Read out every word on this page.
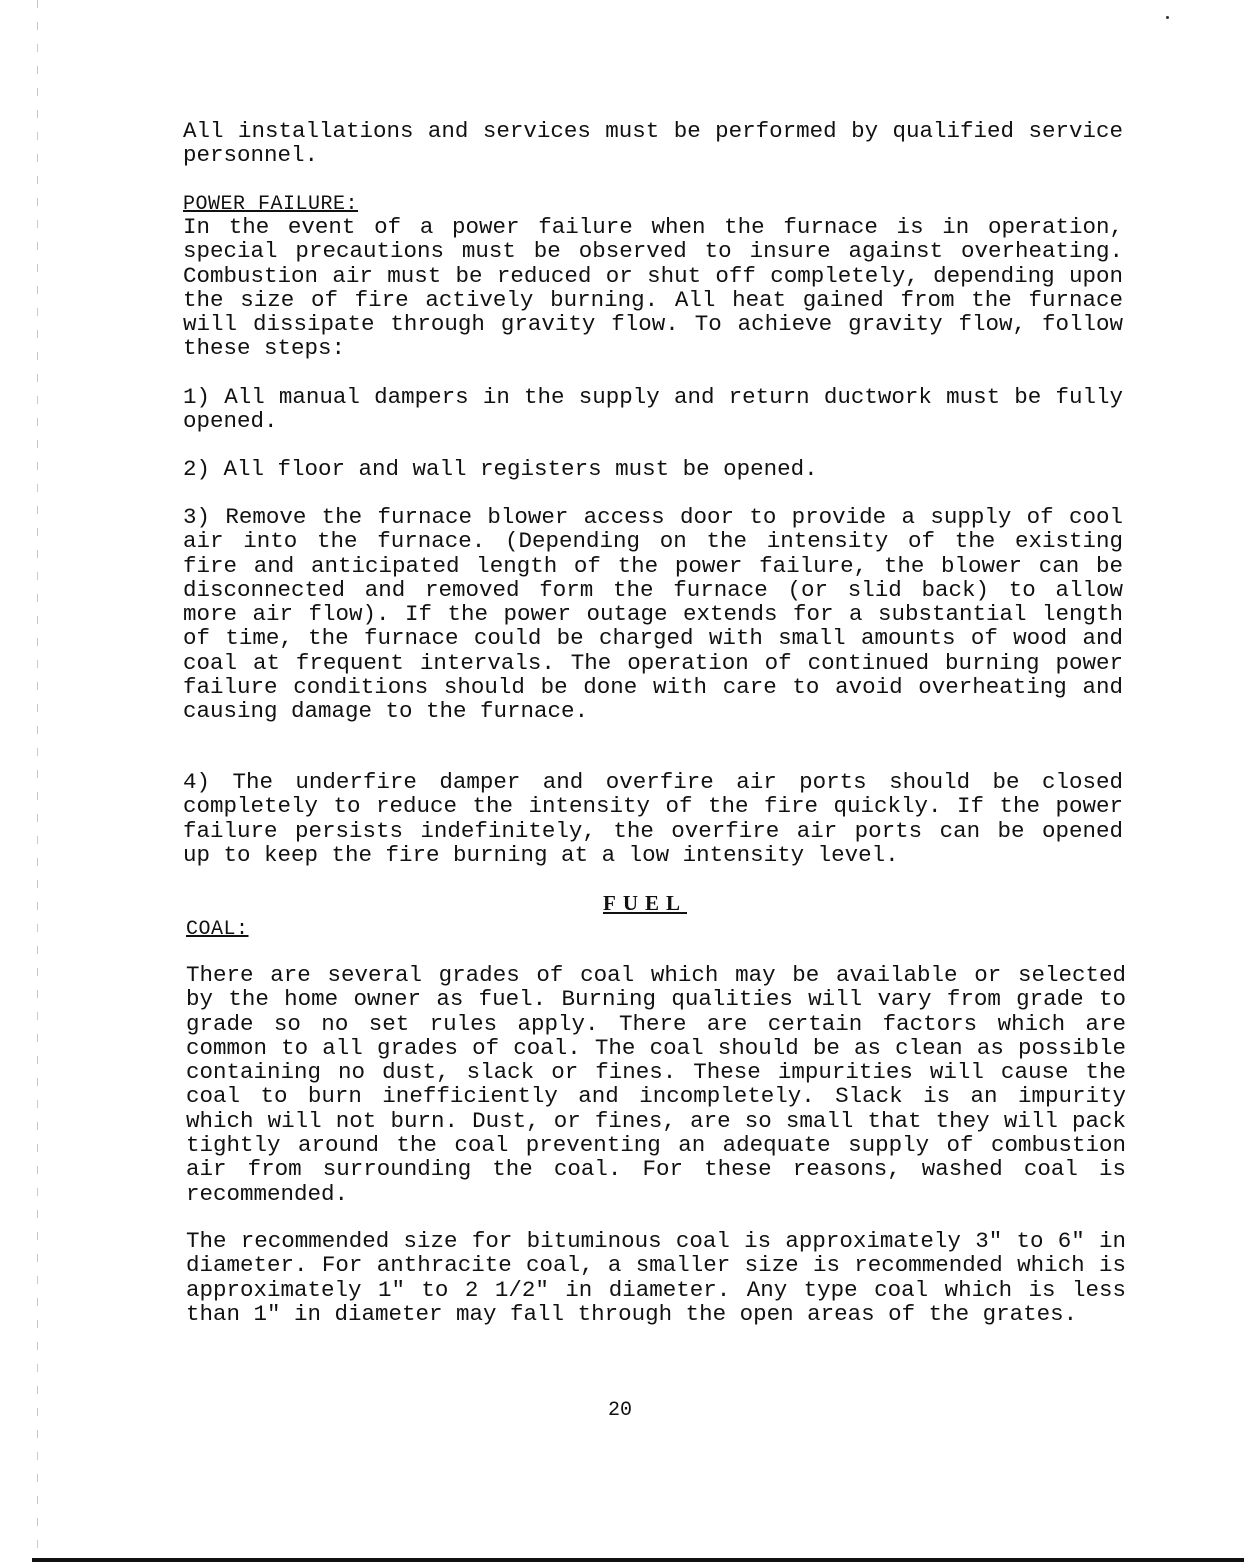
All installations and services must be performed by qualified service personnel.

POWER FAILURE:

In the event of a power failure when the furnace is in operation, special precautions must be observed to insure against overheating. Combustion air must be reduced or shut off completely, depending upon the size of fire actively burning. All heat gained from the furnace will dissipate through gravity flow. To achieve gravity flow, follow these steps:

1) All manual dampers in the supply and return ductwork must be fully opened.

2) All floor and wall registers must be opened.

3) Remove the furnace blower access door to provide a supply of cool air into the furnace. (Depending on the intensity of the existing fire and anticipated length of the power failure, the blower can be disconnected and removed form the furnace (or slid back) to allow more air flow). If the power outage extends for a substantial length of time, the furnace could be charged with small amounts of wood and coal at frequent intervals. The operation of continued burning power failure conditions should be done with care to avoid overheating and causing damage to the furnace.

4) The underfire damper and overfire air ports should be closed completely to reduce the intensity of the fire quickly. If the power failure persists indefinitely, the overfire air ports can be opened up to keep the fire burning at a low intensity level.

FUEL

COAL:

There are several grades of coal which may be available or selected by the home owner as fuel. Burning qualities will vary from grade to grade so no set rules apply. There are certain factors which are common to all grades of coal. The coal should be as clean as possible containing no dust, slack or fines. These impurities will cause the coal to burn inefficiently and incompletely. Slack is an impurity which will not burn. Dust, or fines, are so small that they will pack tightly around the coal preventing an adequate supply of combustion air from surrounding the coal. For these reasons, washed coal is recommended.

The recommended size for bituminous coal is approximately 3" to 6" in diameter. For anthracite coal, a smaller size is recommended which is approximately 1" to 2 1/2" in diameter. Any type coal which is less than 1" in diameter may fall through the open areas of the grates.

20
